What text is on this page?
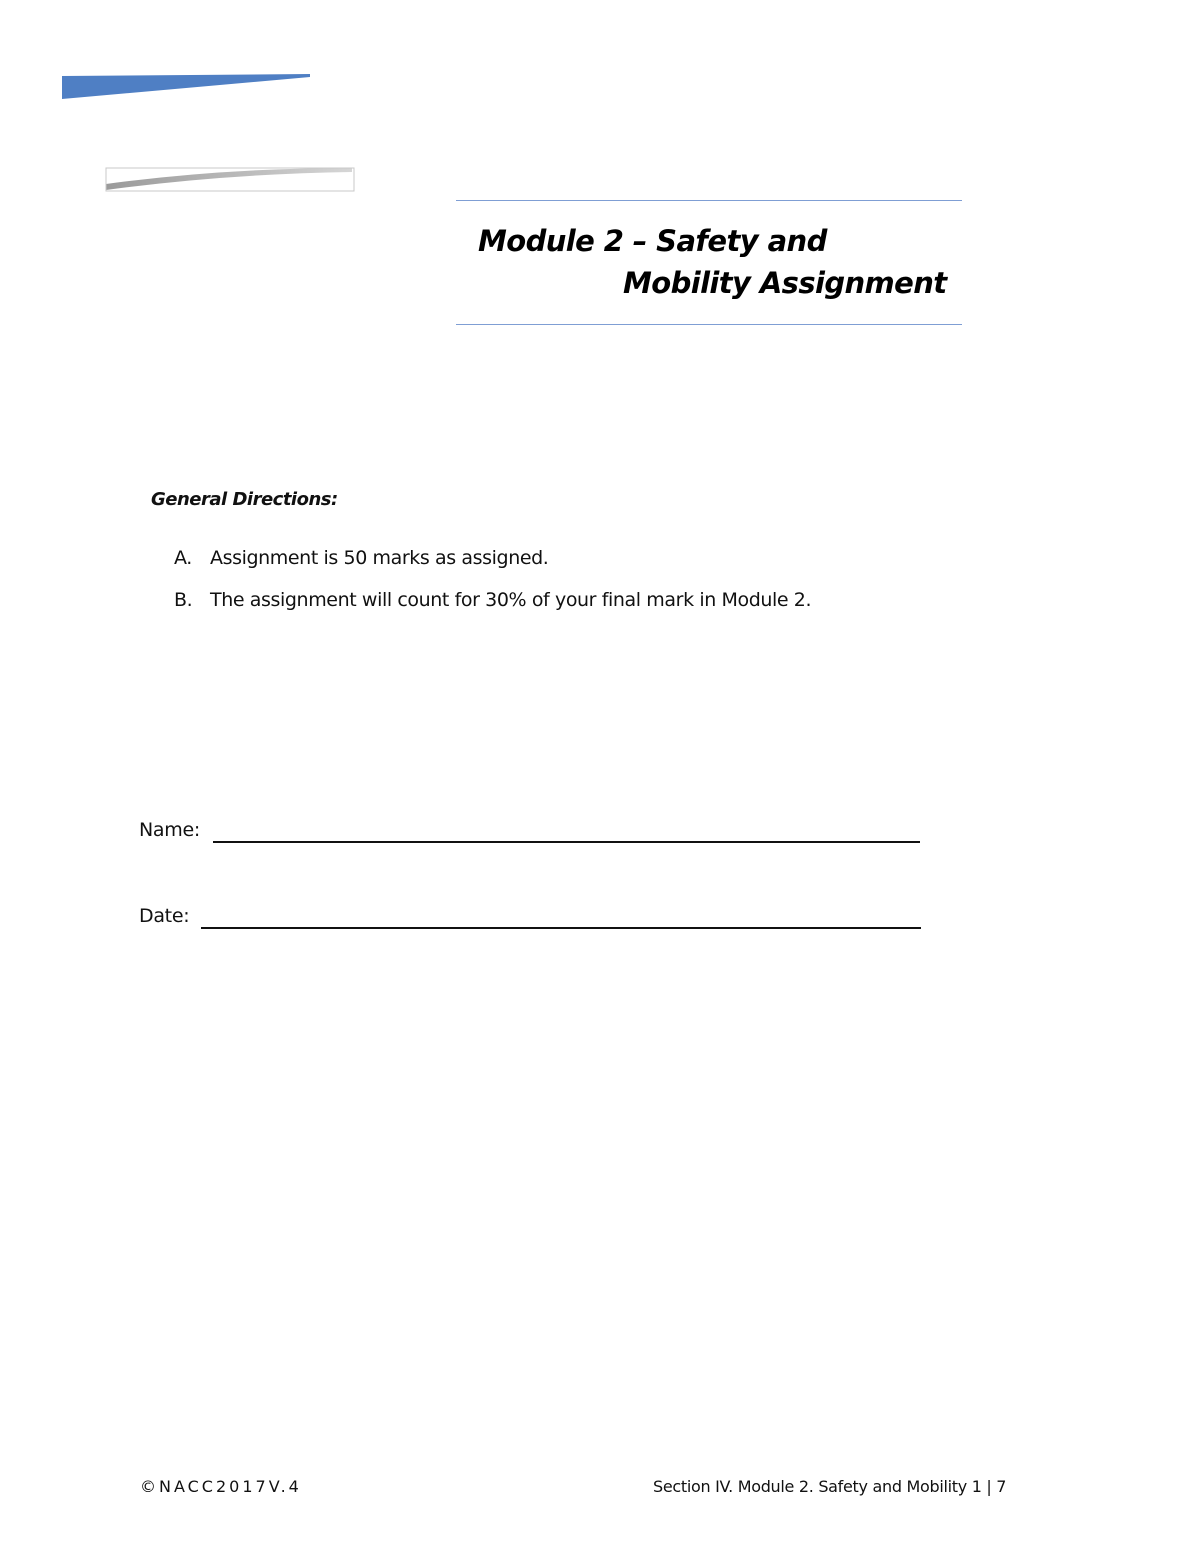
Module 2 – Safety and
Mobility Assignment
General Directions:
A. Assignment is 50 marks as assigned.
B. The assignment will count for 30% of your final mark in Module 2.
Name:
Date:
©NACC2017V.4	Section IV. Module 2. Safety and Mobility 1 | 7
